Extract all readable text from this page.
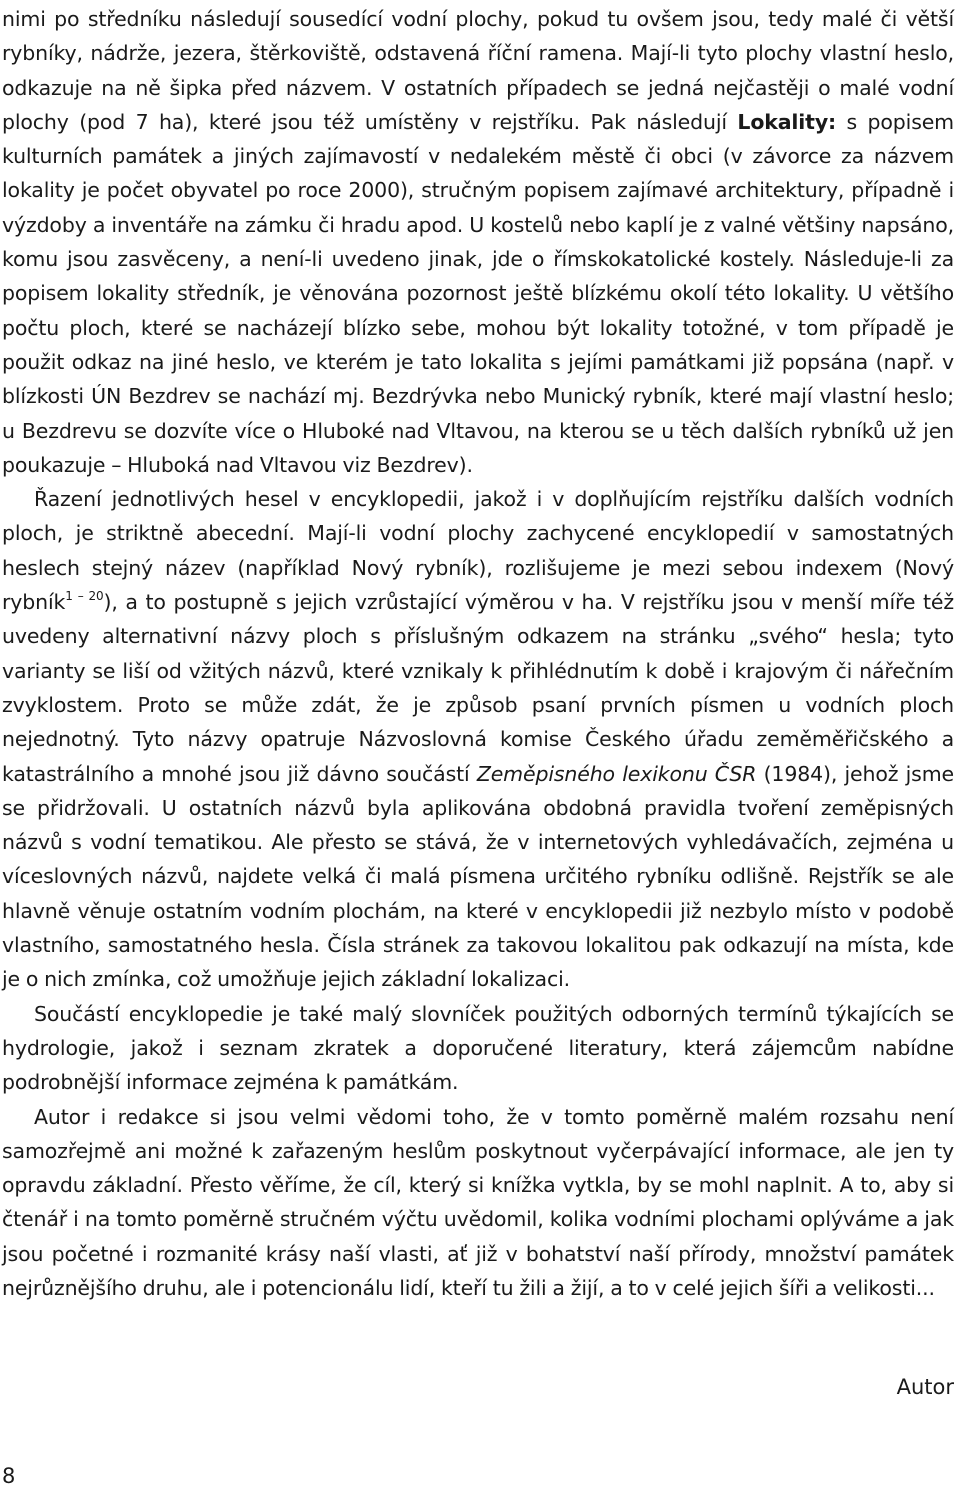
nimi po středníku následují sousedící vodní plochy, pokud tu ovšem jsou, tedy malé či větší rybníky, nádrže, jezera, štěrkoviště, odstavená říční ramena. Mají-li tyto plochy vlastní heslo, odkazuje na ně šipka před názvem. V ostatních případech se jedná nejčastěji o malé vodní plochy (pod 7 ha), které jsou též umístěny v rejstříku. Pak následují Lokality: s popisem kulturních památek a jiných zajímavostí v nedalekém městě či obci (v závorce za názvem lokality je počet obyvatel po roce 2000), stručným popisem zajímavé architektury, případně i výzdoby a inventáře na zámku či hradu apod. U kostelů nebo kaplí je z valné většiny napsáno, komu jsou zasvěceny, a není-li uvedeno jinak, jde o římskokatolické kostely. Následuje-li za popisem lokality středník, je věnována pozornost ještě blízkému okolí této lokality. U většího počtu ploch, které se nacházejí blízko sebe, mohou být lokality totožné, v tom případě je použit odkaz na jiné heslo, ve kterém je tato lokalita s jejími památkami již popsána (např. v blízkosti ÚN Bezdrev se nachází mj. Bezdrývka nebo Munický rybník, které mají vlastní heslo; u Bezdrevu se dozvíte více o Hluboké nad Vltavou, na kterou se u těch dalších rybníků už jen poukazuje – Hluboká nad Vltavou viz Bezdrev).

Řazení jednotlivých hesel v encyklopedii, jakož i v doplňujícím rejstříku dalších vodních ploch, je striktně abecední. Mají-li vodní plochy zachycené encyklopedií v samostatných heslech stejný název (například Nový rybník), rozlišujeme je mezi sebou indexem (Nový rybník$^{1 - 20}$), a to postupně s jejich vzrůstající výměrou v ha. V rejstříku jsou v menší míře též uvedeny alternativní názvy ploch s příslušným odkazem na stránku „svého“ hesla; tyto varianty se liší od vžitých názvů, které vznikaly k přihlédnutím k době i krajovým či nářečním zvyklostem. Proto se může zdát, že je způsob psaní prvních písmen u vodních ploch nejednotný. Tyto názvy opatruje Názvoslovná komise Českého úřadu zeměměřičského a katastrálního a mnohé jsou již dávno součástí Zeměpisného lexikonu ČSR (1984), jehož jsme se přidržovali. U ostatních názvů byla aplikována obdobná pravidla tvoření zeměpisných názvů s vodní tematikou. Ale přesto se stává, že v internetových vyhledávačích, zejména u víceslovných názvů, najdete velká či malá písmena určitého rybníku odlišně. Rejstřík se ale hlavně věnuje ostatním vodním plochám, na které v encyklopedii již nezbylo místo v podobě vlastního, samostatného hesla. Čísla stránek za takovou lokalitou pak odkazují na místa, kde je o nich zmínka, což umožňuje jejich základní lokalizaci.

Součástí encyklopedie je také malý slovníček použitých odborných termínů týkajících se hydrologie, jakož i seznam zkratek a doporučené literatury, která zájemcům nabídne podrobnější informace zejména k památkám.

Autor i redakce si jsou velmi vědomi toho, že v tomto poměrně malém rozsahu není samozřejmě ani možné k zařazeným heslům poskytnout vyčerpávající informace, ale jen ty opravdu základní. Přesto věříme, že cíl, který si knížka vytkla, by se mohl naplnit. A to, aby si čtenář i na tomto poměrně stručném výčtu uvědomil, kolika vodními plochami oplýváme a jak jsou početné i rozmanité krásy naší vlasti, ať již v bohatství naší přírody, množství památek nejrůznějšího druhu, ale i potencionálu lidí, kteří tu žili a žijí, a to v celé jejich šíři a velikosti...

Autor
8
